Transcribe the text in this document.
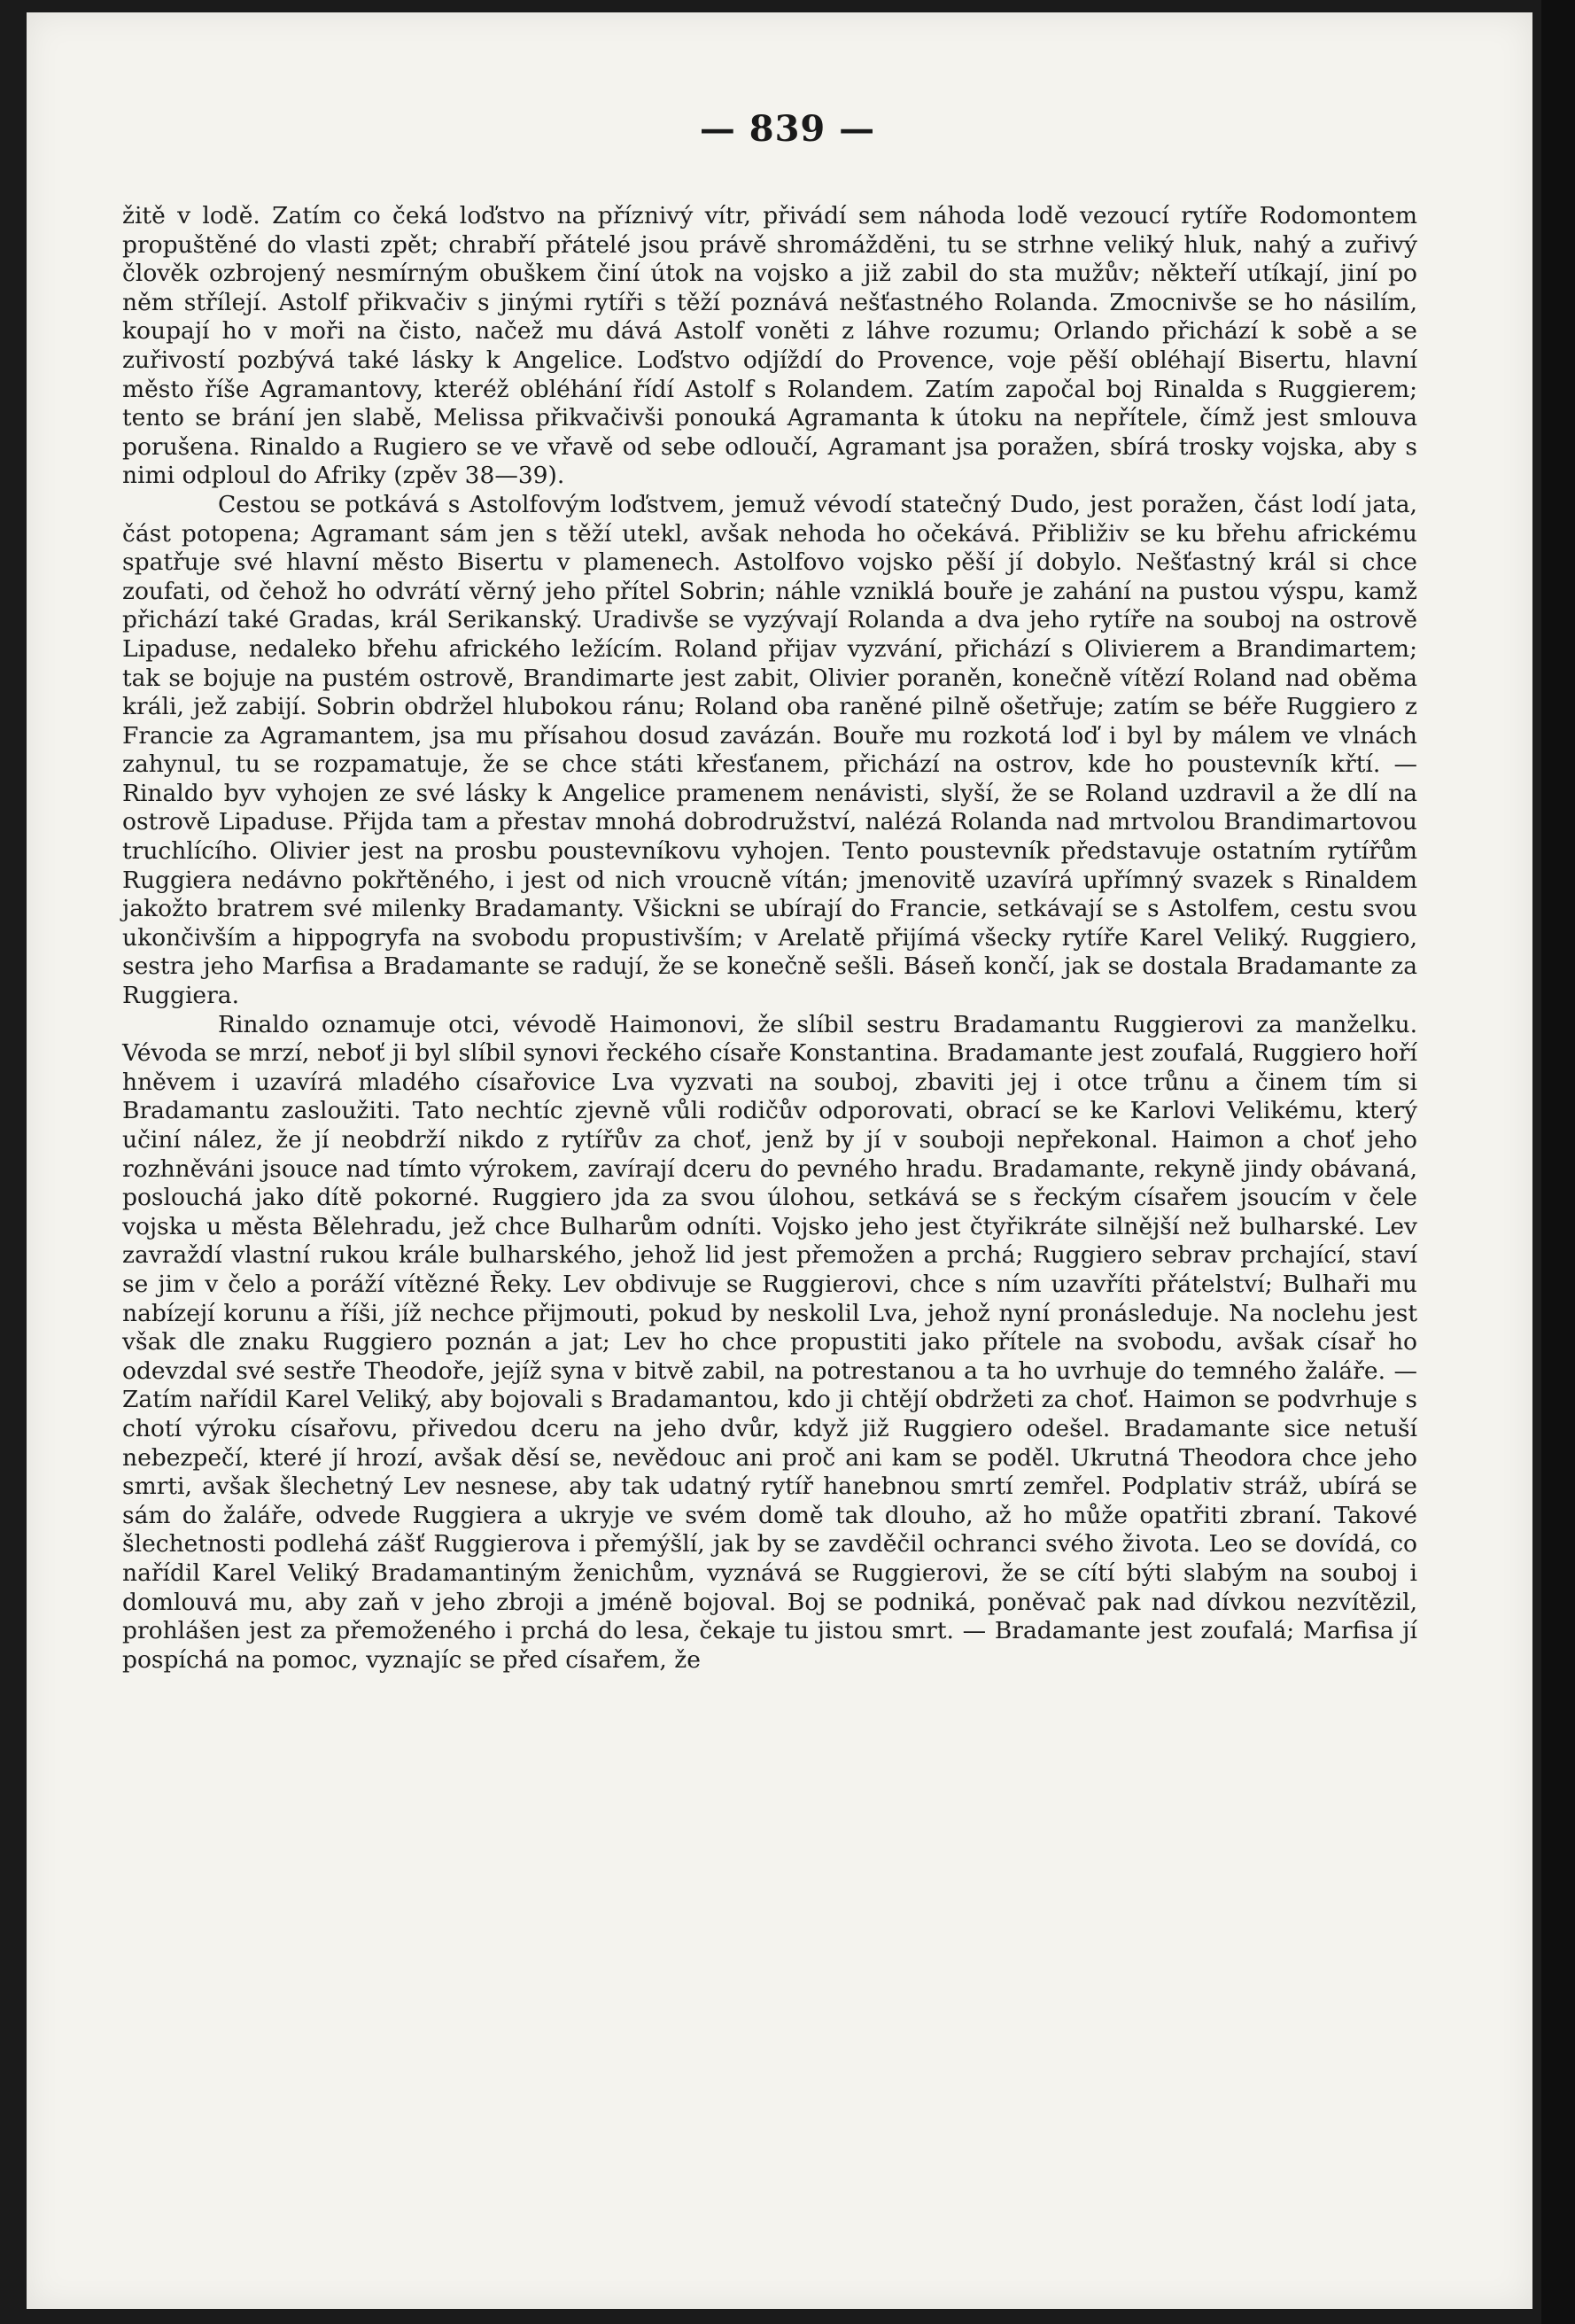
— 839 —

žitě v lodě. Zatím co čeká loďstvo na příznivý vítr, přivádí sem náhoda lodě vezoucí rytíře Rodomontem propuštěné do vlasti zpět; chrabří přátelé jsou právě shromážděni, tu se strhne veliký hluk, nahý a zuřivý člověk ozbrojený nesmírným obuškem činí útok na vojsko a již zabil do sta mužův; někteří utíkají, jiní po něm střílejí. Astolf přikvačiv s jinými rytíři s těží poznává nešťastného Rolanda. Zmocnivše se ho násilím, koupají ho v moři na čisto, načež mu dává Astolf voněti z láhve rozumu; Orlando přichází k sobě a se zuřivostí pozbývá také lásky k Angelice. Loďstvo odjíždí do Provence, voje pěší obléhají Bisertu, hlavní město říše Agramantovy, kteréž obléhání řídí Astolf s Rolandem. Zatím započal boj Rinalda s Ruggierem; tento se brání jen slabě, Melissa přikvačivši ponouká Agramanta k útoku na nepřítele, čímž jest smlouva porušena. Rinaldo a Rugiero se ve vřavě od sebe odloučí, Agramant jsa poražen, sbírá trosky vojska, aby s nimi odploul do Afriky (zpěv 38—39).

Cestou se potkává s Astolfovým loďstvem, jemuž vévodí statečný Dudo, jest poražen, část lodí jata, část potopena; Agramant sám jen s těží utekl, avšak nehoda ho očekává. Přibliživ se ku břehu africkému spatřuje své hlavní město Bisertu v plamenech. Astolfovo vojsko pěší jí dobylo. Nešťastný král si chce zoufati, od čehož ho odvrátí věrný jeho přítel Sobrin; náhle vzniklá bouře je zahání na pustou výspu, kamž přichází také Gradas, král Serikanský. Uradivše se vyzývají Rolanda a dva jeho rytíře na souboj na ostrově Lipaduse, nedaleko břehu afrického ležícím. Roland přijav vyzvání, přichází s Olivierem a Brandimartem; tak se bojuje na pustém ostrově, Brandimarte jest zabit, Olivier poraněn, konečně vítězí Roland nad oběma králi, jež zabijí. Sobrin obdržel hlubokou ránu; Roland oba raněné pilně ošetřuje; zatím se béře Ruggiero z Francie za Agramantem, jsa mu přísahou dosud zavázán. Bouře mu rozkotá loď i byl by málem ve vlnách zahynul, tu se rozpamatuje, že se chce státi křesťanem, přichází na ostrov, kde ho poustevník křtí. — Rinaldo byv vyhojen ze své lásky k Angelice pramenem nenávisti, slyší, že se Roland uzdravil a že dlí na ostrově Lipaduse. Přijda tam a přestav mnohá dobrodružství, nalézá Rolanda nad mrtvolou Brandimartovou truchlícího. Olivier jest na prosbu poustevníkovu vyhojen. Tento poustevník představuje ostatním rytířům Ruggiera nedávno pokřtěného, i jest od nich vroucně vítán; jmenovitě uzavírá upřímný svazek s Rinaldem jakožto bratrem své milenky Bradamanty. Všickni se ubírají do Francie, setkávají se s Astolfem, cestu svou ukončivším a hippogryfa na svobodu propustivším; v Arelatě přijímá všecky rytíře Karel Veliký. Ruggiero, sestra jeho Marfisa a Bradamante se radují, že se konečně sešli. Báseň končí, jak se dostala Bradamante za Ruggiera.

Rinaldo oznamuje otci, vévodě Haimonovi, že slíbil sestru Bradamantu Ruggierovi za manželku. Vévoda se mrzí, neboť ji byl slíbil synovi řeckého císaře Konstantina. Bradamante jest zoufalá, Ruggiero hoří hněvem i uzavírá mladého císařovice Lva vyzvati na souboj, zbaviti jej i otce trůnu a činem tím si Bradamantu zasloužiti. Tato nechtíc zjevně vůli rodičův odporovati, obrací se ke Karlovi Velikému, který učiní nález, že jí neobdrží nikdo z rytířův za choť, jenž by jí v souboji nepřekonal. Haimon a choť jeho rozhněváni jsouce nad tímto výrokem, zavírají dceru do pevného hradu. Bradamante, rekyně jindy obávaná, poslouchá jako dítě pokorné. Ruggiero jda za svou úlohou, setkává se s řeckým císařem jsoucím v čele vojska u města Bělehradu, jež chce Bulharům odníti. Vojsko jeho jest čtyřikráte silnější než bulharské. Lev zavraždí vlastní rukou krále bulharského, jehož lid jest přemožen a prchá; Ruggiero sebrav prchající, staví se jim v čelo a poráží vítězné Řeky. Lev obdivuje se Ruggierovi, chce s ním uzavříti přátelství; Bulhaři mu nabízejí korunu a říši, jíž nechce přijmouti, pokud by neskolil Lva, jehož nyní pronásleduje. Na noclehu jest však dle znaku Ruggiero poznán a jat; Lev ho chce propustiti jako přítele na svobodu, avšak císař ho odevzdal své sestře Theodoře, jejíž syna v bitvě zabil, na potrestanou a ta ho uvrhuje do temného žaláře. — Zatím nařídil Karel Veliký, aby bojovali s Bradamantou, kdo ji chtějí obdržeti za choť. Haimon se podvrhuje s chotí výroku císařovu, přivedou dceru na jeho dvůr, když již Ruggiero odešel. Bradamante sice netuší nebezpečí, které jí hrozí, avšak děsí se, nevědouc ani proč ani kam se poděl. Ukrutná Theodora chce jeho smrti, avšak šlechetný Lev nesnese, aby tak udatný rytíř hanebnou smrtí zemřel. Podplativ stráž, ubírá se sám do žaláře, odvede Ruggiera a ukryje ve svém domě tak dlouho, až ho může opatřiti zbraní. Takové šlechetnosti podlehá zášť Ruggierova i přemýšlí, jak by se zavděčil ochranci svého života. Leo se dovídá, co nařídil Karel Veliký Bradamantiným ženichům, vyznává se Ruggierovi, že se cítí býti slabým na souboj i domlouvá mu, aby zaň v jeho zbroji a jméně bojoval. Boj se podniká, poněvač pak nad dívkou nezvítězil, prohlášen jest za přemoženého i prchá do lesa, čekaje tu jistou smrt. — Bradamante jest zoufalá; Marfisa jí pospíchá na pomoc, vyznajíc se před císařem, že
